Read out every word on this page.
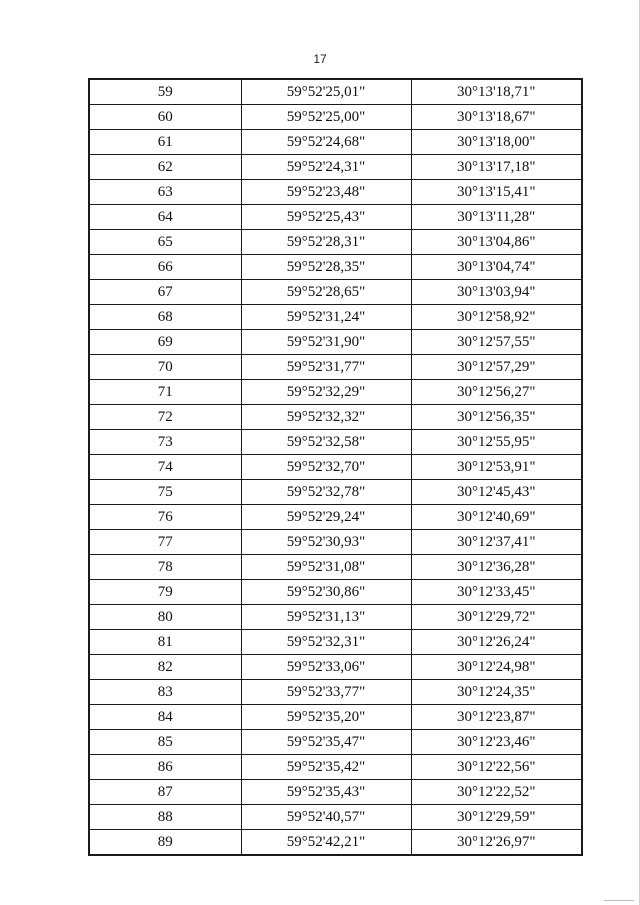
17
59	59°52'25,01"	30°13'18,71"
60	59°52'25,00"	30°13'18,67"
61	59°52'24,68"	30°13'18,00"
62	59°52'24,31"	30°13'17,18"
63	59°52'23,48"	30°13'15,41"
64	59°52'25,43"	30°13'11,28"
65	59°52'28,31"	30°13'04,86"
66	59°52'28,35"	30°13'04,74"
67	59°52'28,65"	30°13'03,94"
68	59°52'31,24"	30°12'58,92"
69	59°52'31,90"	30°12'57,55"
70	59°52'31,77"	30°12'57,29"
71	59°52'32,29"	30°12'56,27"
72	59°52'32,32"	30°12'56,35"
73	59°52'32,58"	30°12'55,95"
74	59°52'32,70"	30°12'53,91"
75	59°52'32,78"	30°12'45,43"
76	59°52'29,24"	30°12'40,69"
77	59°52'30,93"	30°12'37,41"
78	59°52'31,08"	30°12'36,28"
79	59°52'30,86"	30°12'33,45"
80	59°52'31,13"	30°12'29,72"
81	59°52'32,31"	30°12'26,24"
82	59°52'33,06"	30°12'24,98"
83	59°52'33,77"	30°12'24,35"
84	59°52'35,20"	30°12'23,87"
85	59°52'35,47"	30°12'23,46"
86	59°52'35,42"	30°12'22,56"
87	59°52'35,43"	30°12'22,52"
88	59°52'40,57"	30°12'29,59"
89	59°52'42,21"	30°12'26,97"
